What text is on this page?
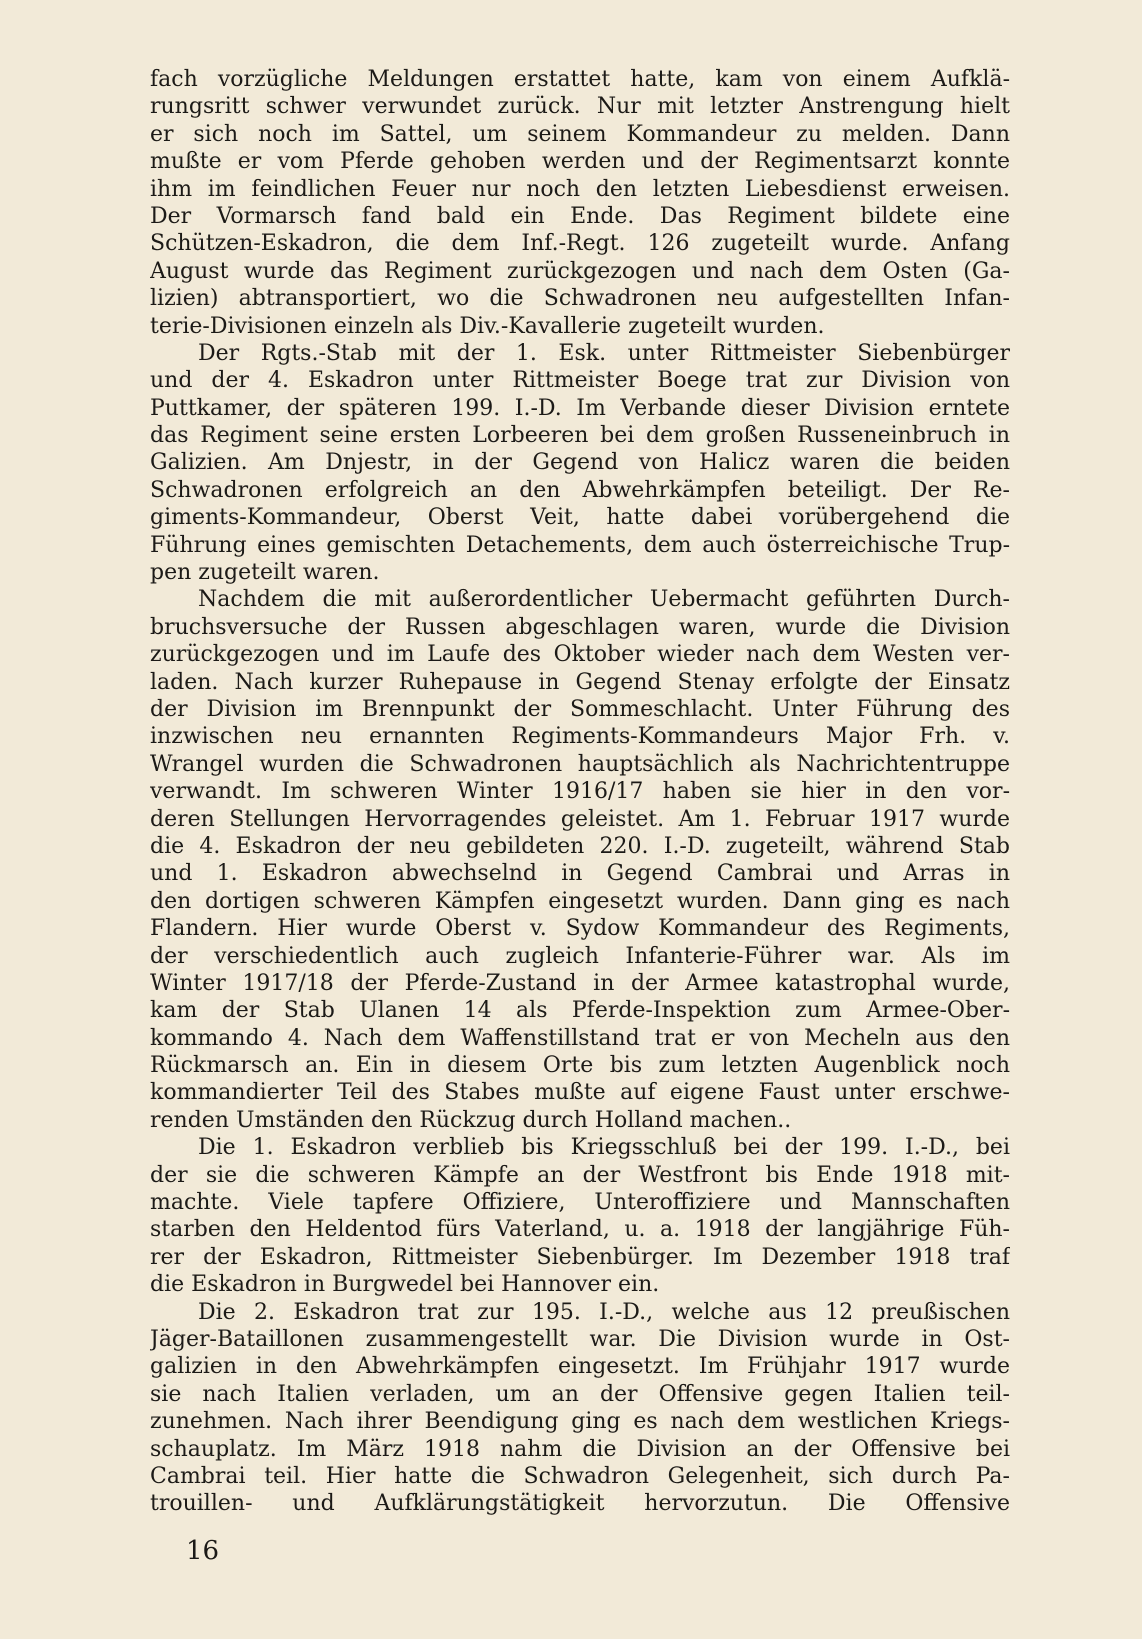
fach vorzügliche Meldungen erstattet hatte, kam von einem Aufklä-
rungsritt schwer verwundet zurück. Nur mit letzter Anstrengung hielt
er sich noch im Sattel, um seinem Kommandeur zu melden. Dann
mußte er vom Pferde gehoben werden und der Regimentsarzt konnte
ihm im feindlichen Feuer nur noch den letzten Liebesdienst erweisen.
Der Vormarsch fand bald ein Ende. Das Regiment bildete eine
Schützen-Eskadron, die dem Inf.-Regt. 126 zugeteilt wurde. Anfang
August wurde das Regiment zurückgezogen und nach dem Osten (Ga-
lizien) abtransportiert, wo die Schwadronen neu aufgestellten Infan-
terie-Divisionen einzeln als Div.-Kavallerie zugeteilt wurden.
Der Rgts.-Stab mit der 1. Esk. unter Rittmeister Siebenbürger
und der 4. Eskadron unter Rittmeister Boege trat zur Division von
Puttkamer, der späteren 199. I.-D. Im Verbande dieser Division erntete
das Regiment seine ersten Lorbeeren bei dem großen Russeneinbruch in
Galizien. Am Dnjestr, in der Gegend von Halicz waren die beiden
Schwadronen erfolgreich an den Abwehrkämpfen beteiligt. Der Re-
giments-Kommandeur, Oberst Veit, hatte dabei vorübergehend die
Führung eines gemischten Detachements, dem auch österreichische Trup-
pen zugeteilt waren.
Nachdem die mit außerordentlicher Uebermacht geführten Durch-
bruchsversuche der Russen abgeschlagen waren, wurde die Division
zurückgezogen und im Laufe des Oktober wieder nach dem Westen ver-
laden. Nach kurzer Ruhepause in Gegend Stenay erfolgte der Einsatz
der Division im Brennpunkt der Sommeschlacht. Unter Führung des
inzwischen neu ernannten Regiments-Kommandeurs Major Frh. v.
Wrangel wurden die Schwadronen hauptsächlich als Nachrichtentruppe
verwandt. Im schweren Winter 1916/17 haben sie hier in den vor-
deren Stellungen Hervorragendes geleistet. Am 1. Februar 1917 wurde
die 4. Eskadron der neu gebildeten 220. I.-D. zugeteilt, während Stab
und 1. Eskadron abwechselnd in Gegend Cambrai und Arras in
den dortigen schweren Kämpfen eingesetzt wurden. Dann ging es nach
Flandern. Hier wurde Oberst v. Sydow Kommandeur des Regiments,
der verschiedentlich auch zugleich Infanterie-Führer war. Als im
Winter 1917/18 der Pferde-Zustand in der Armee katastrophal wurde,
kam der Stab Ulanen 14 als Pferde-Inspektion zum Armee-Ober-
kommando 4. Nach dem Waffenstillstand trat er von Mecheln aus den
Rückmarsch an. Ein in diesem Orte bis zum letzten Augenblick noch
kommandierter Teil des Stabes mußte auf eigene Faust unter erschwe-
renden Umständen den Rückzug durch Holland machen..
Die 1. Eskadron verblieb bis Kriegsschluß bei der 199. I.-D., bei
der sie die schweren Kämpfe an der Westfront bis Ende 1918 mit-
machte. Viele tapfere Offiziere, Unteroffiziere und Mannschaften
starben den Heldentod fürs Vaterland, u. a. 1918 der langjährige Füh-
rer der Eskadron, Rittmeister Siebenbürger. Im Dezember 1918 traf
die Eskadron in Burgwedel bei Hannover ein.
Die 2. Eskadron trat zur 195. I.-D., welche aus 12 preußischen
Jäger-Bataillonen zusammengestellt war. Die Division wurde in Ost-
galizien in den Abwehrkämpfen eingesetzt. Im Frühjahr 1917 wurde
sie nach Italien verladen, um an der Offensive gegen Italien teil-
zunehmen. Nach ihrer Beendigung ging es nach dem westlichen Kriegs-
schauplatz. Im März 1918 nahm die Division an der Offensive bei
Cambrai teil. Hier hatte die Schwadron Gelegenheit, sich durch Pa-
trouillen- und Aufklärungstätigkeit hervorzutun. Die Offensive
16
